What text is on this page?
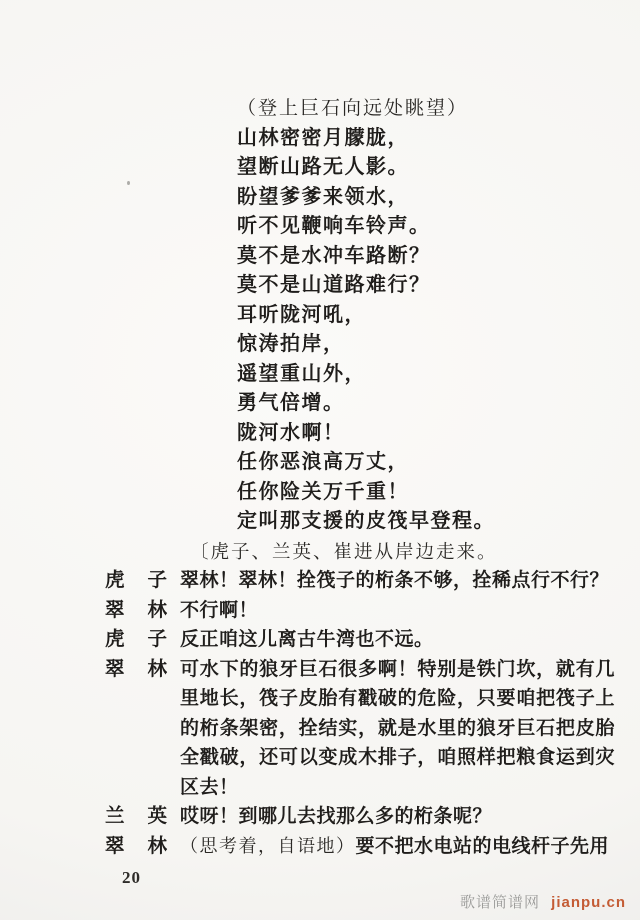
（登上巨石向远处眺望）
山林密密月朦胧，
望断山路无人影。
盼望爹爹来领水，
听不见鞭响车铃声。
莫不是水冲车路断？
莫不是山道路难行？
耳听陇河吼，
惊涛拍岸，
遥望重山外，
勇气倍增。
陇河水啊！
任你恶浪高万丈，
任你险关万千重！
定叫那支援的皮筏早登程。
〔虎子、兰英、崔进从岸边走来。
虎 子 翠林！翠林！拴筏子的桁条不够，拴稀点行不行？
翠 林 不行啊！
虎 子 反正咱这儿离古牛湾也不远。
翠 林 可水下的狼牙巨石很多啊！特别是铁门坎，就有几里地长，筏子皮胎有戳破的危险，只要咱把筏子上的桁条架密，拴结实，就是水里的狼牙巨石把皮胎全戳破，还可以变成木排子，咱照样把粮食运到灾区去！
兰 英 哎呀！到哪儿去找那么多的桁条呢？
翠 林 （思考着，自语地）要不把水电站的电线杆子先用
20
歌谱简谱网 jianpu.cn
